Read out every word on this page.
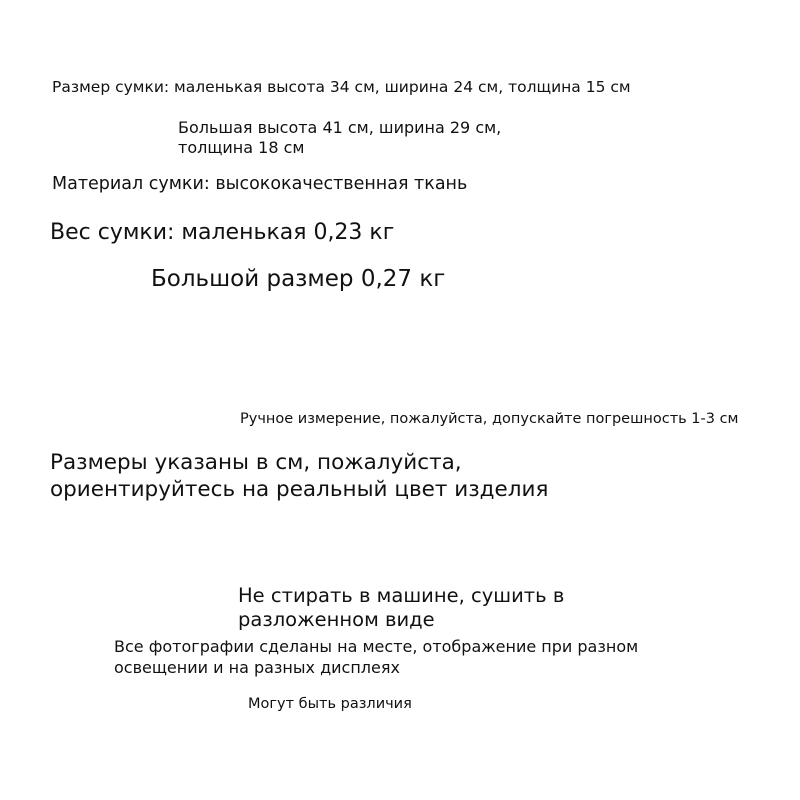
Размер сумки: маленькая высота 34 см, ширина 24 см, толщина 15 см

Большая высота 41 см, ширина 29 см,
толщина 18 см

Материал сумки: высококачественная ткань

Вес сумки: маленькая 0,23 кг

Большой размер 0,27 кг

Ручное измерение, пожалуйста, допускайте погрешность 1-3 см

Размеры указаны в см, пожалуйста,
ориентируйтесь на реальный цвет изделия
Не стирать в машине, сушить в
разложенном виде
Все фотографии сделаны на месте, отображение при разном
освещении и на разных дисплеях

Могут быть различия
